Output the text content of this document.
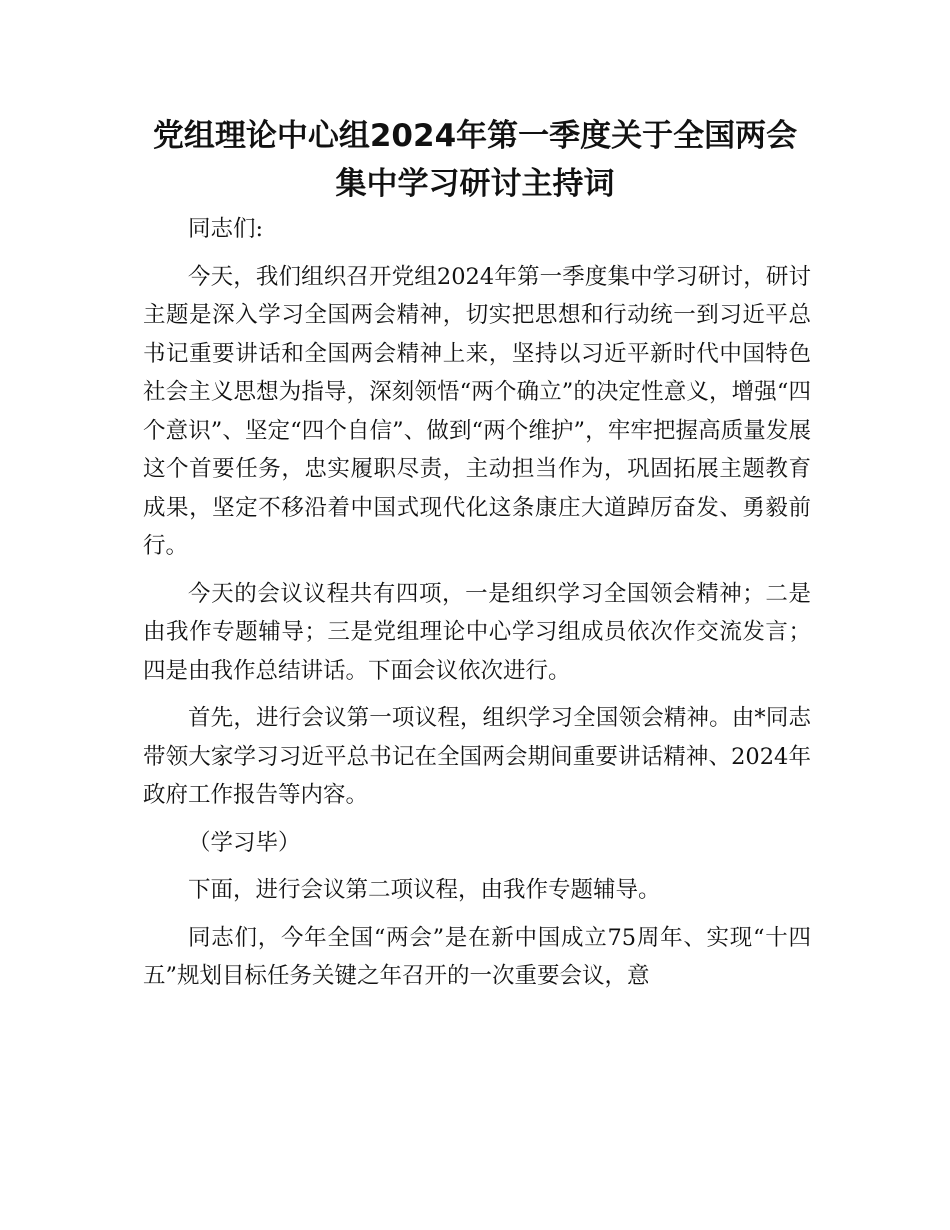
党组理论中心组2024年第一季度关于全国两会
集中学习研讨主持词

同志们:

今天，我们组织召开党组2024年第一季度集中学习研讨，研讨主题是深入学习全国两会精神，切实把思想和行动统一到习近平总书记重要讲话和全国两会精神上来，坚持以习近平新时代中国特色社会主义思想为指导，深刻领悟“两个确立”的决定性意义，增强“四个意识”、坚定“四个自信”、做到“两个维护”，牢牢把握高质量发展这个首要任务，忠实履职尽责，主动担当作为，巩固拓展主题教育成果，坚定不移沿着中国式现代化这条康庄大道踔厉奋发、勇毅前行。

今天的会议议程共有四项，一是组织学习全国领会精神；二是由我作专题辅导；三是党组理论中心学习组成员依次作交流发言；四是由我作总结讲话。下面会议依次进行。

首先，进行会议第一项议程，组织学习全国领会精神。由*同志带领大家学习习近平总书记在全国两会期间重要讲话精神、2024年政府工作报告等内容。

（学习毕）

下面，进行会议第二项议程，由我作专题辅导。

同志们，今年全国“两会”是在新中国成立75周年、实现“十四五”规划目标任务关键之年召开的一次重要会议，意
